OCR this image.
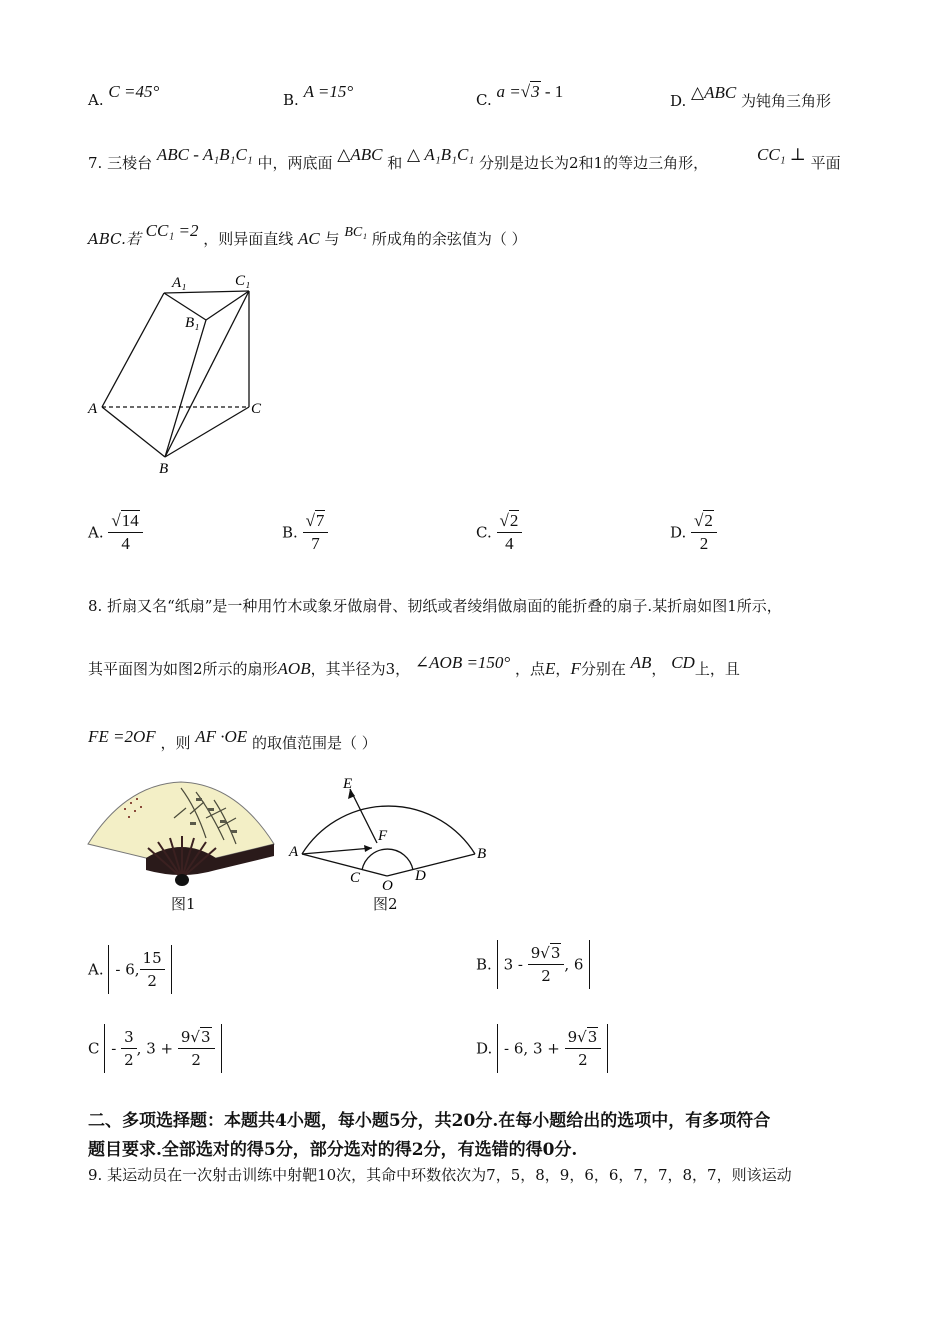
A. C =45°	B. A =15°	C. a =√3 - 1	D. △ABC 为钝角三角形
7. 三棱台 ABC - A₁B₁C₁ 中，两底面 △ABC 和 △ A₁B₁C₁ 分别是边长为2和1的等边三角形，	CC₁ ⊥ 平面
ABC.若 CC₁ =2 ，则异面直线 AC 与 BC₁ 所成角的余弦值为（ ）
A₁	C₁
B₁
A	C
B
A. $\frac{√14}{4}$	B. $\frac{√7}{7}$	C. $\frac{√2}{4}$	D. $\frac{√2}{2}$
8. 折扇又名“纸扇”是一种用竹木或象牙做扇骨、韧纸或者绫绢做扇面的能折叠的扇子.某折扇如图1所示，
其平面图为如图2所示的扇形AOB，其半径为3， ∠AOB =150° ，点E，F分别在 AB， CD上，且
FE =2OF ，则 AF ·OE 的取值范围是（ ）
图1
E
F
A	B
C O
D
图2
A. - 6, $\frac{15}{2}$	B. $3 - \frac{9√3}{2}$ , 6
C - $\frac{3}{2}$ , $3 + \frac{9√3}{2}$	D. - 6, $3 + \frac{9√3}{2}$
二、多项选择题：本题共4小题，每小题5分，共20分.在每小题给出的选项中，有多项符合
题目要求.全部选对的得5分，部分选对的得2分，有选错的得0分.
9. 某运动员在一次射击训练中射靶10次，其命中环数依次为7，5，8，9，6，6，7，7，8，7，则该运动
